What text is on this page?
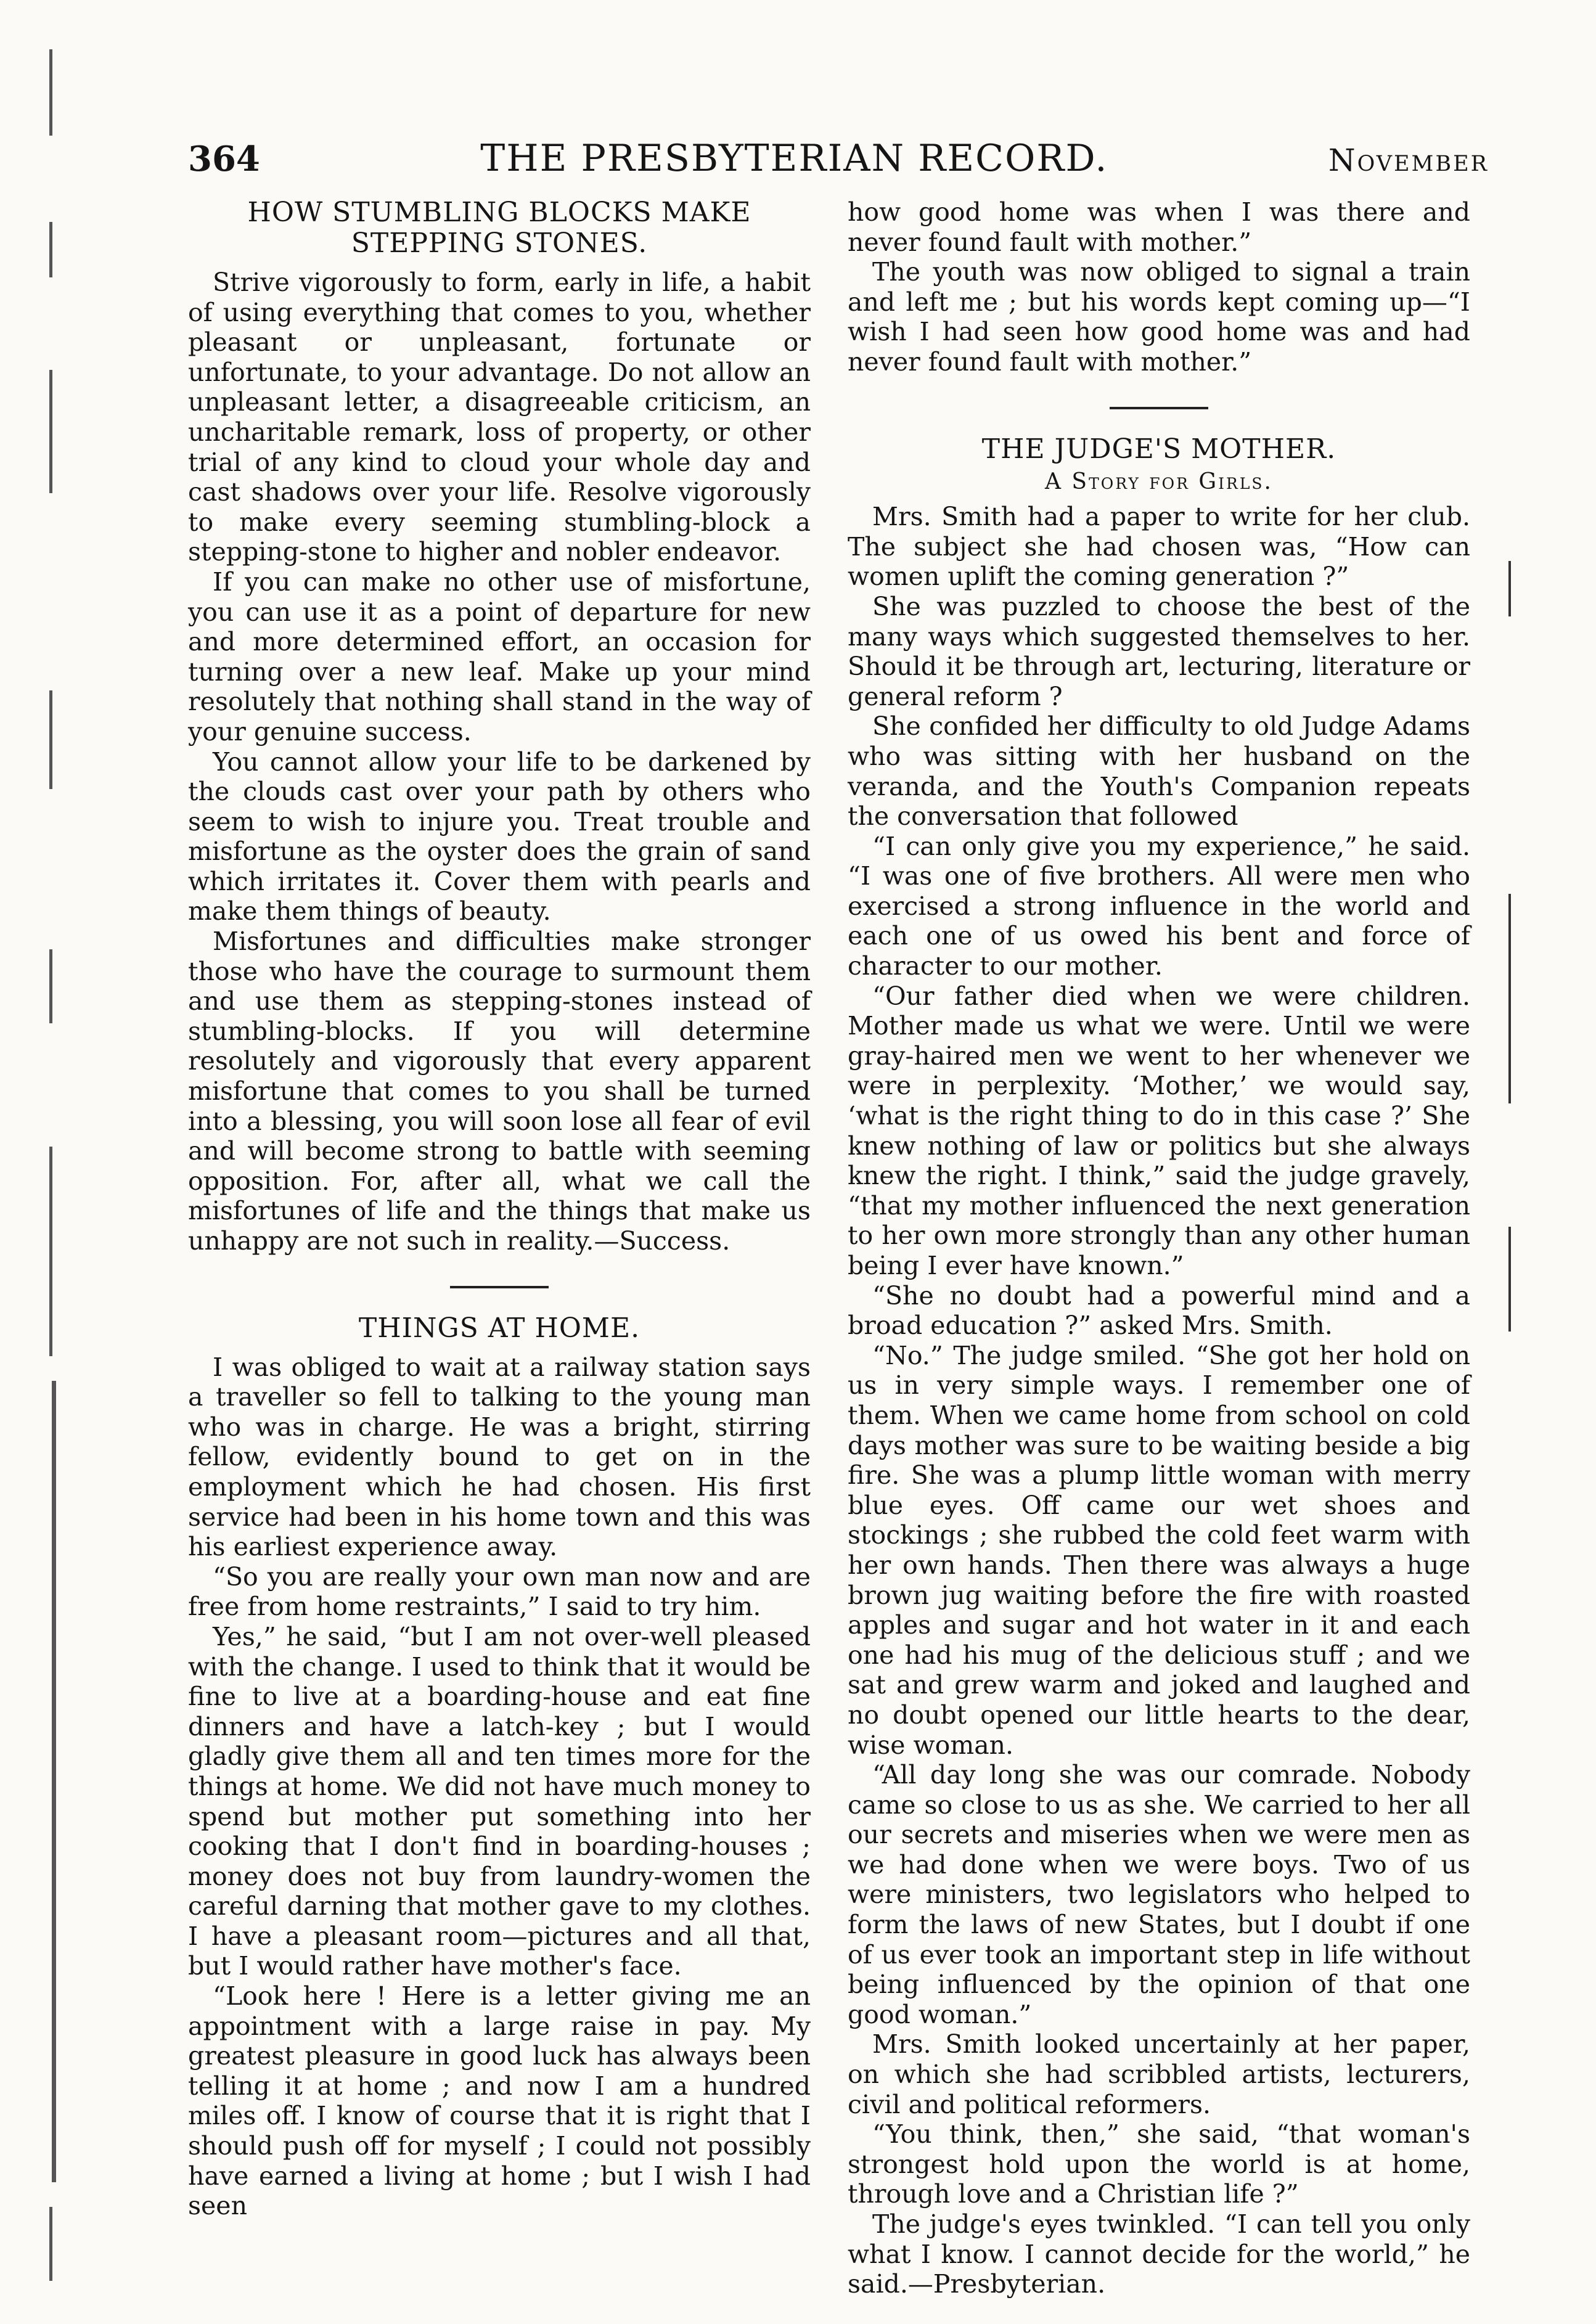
364	THE PRESBYTERIAN RECORD.	November
HOW STUMBLING BLOCKS MAKE STEPPING STONES.

Strive vigorously to form, early in life, a habit of using everything that comes to you, whether pleasant or unpleasant, fortunate or unfortunate, to your advantage. Do not allow an unpleasant letter, a disagreeable criticism, an uncharitable remark, loss of property, or other trial of any kind to cloud your whole day and cast shadows over your life. Resolve vigorously to make every seeming stumbling-block a stepping-stone to higher and nobler endeavor.

If you can make no other use of misfortune, you can use it as a point of departure for new and more determined effort, an occasion for turning over a new leaf. Make up your mind resolutely that nothing shall stand in the way of your genuine success.

You cannot allow your life to be darkened by the clouds cast over your path by others who seem to wish to injure you. Treat trouble and misfortune as the oyster does the grain of sand which irritates it. Cover them with pearls and make them things of beauty.

Misfortunes and difficulties make stronger those who have the courage to surmount them and use them as stepping-stones instead of stumbling-blocks. If you will determine resolutely and vigorously that every apparent misfortune that comes to you shall be turned into a blessing, you will soon lose all fear of evil and will become strong to battle with seeming opposition. For, after all, what we call the misfortunes of life and the things that make us unhappy are not such in reality.—Success.

THINGS AT HOME.

I was obliged to wait at a railway station says a traveller so fell to talking to the young man who was in charge. He was a bright, stirring fellow, evidently bound to get on in the employment which he had chosen. His first service had been in his home town and this was his earliest experience away.

“So you are really your own man now and are free from home restraints,” I said to try him.

Yes,” he said, “but I am not over-well pleased with the change. I used to think that it would be fine to live at a boarding-house and eat fine dinners and have a latch-key ; but I would gladly give them all and ten times more for the things at home. We did not have much money to spend but mother put something into her cooking that I don't find in boarding-houses ; money does not buy from laundry-women the careful darning that mother gave to my clothes. I have a pleasant room—pictures and all that, but I would rather have mother's face.

“Look here ! Here is a letter giving me an appointment with a large raise in pay. My greatest pleasure in good luck has always been telling it at home ; and now I am a hundred miles off. I know of course that it is right that I should push off for myself ; I could not possibly have earned a living at home ; but I wish I had seen

how good home was when I was there and never found fault with mother.”

The youth was now obliged to signal a train and left me ; but his words kept coming up—“I wish I had seen how good home was and had never found fault with mother.”

THE JUDGE'S MOTHER.
A Story for Girls.

Mrs. Smith had a paper to write for her club. The subject she had chosen was, “How can women uplift the coming generation ?”

She was puzzled to choose the best of the many ways which suggested themselves to her. Should it be through art, lecturing, literature or general reform ?

She confided her difficulty to old Judge Adams who was sitting with her husband on the veranda, and the Youth's Companion repeats the conversation that followed

“I can only give you my experience,” he said. “I was one of five brothers. All were men who exercised a strong influence in the world and each one of us owed his bent and force of character to our mother.

“Our father died when we were children. Mother made us what we were. Until we were gray-haired men we went to her whenever we were in perplexity. ‘Mother,’ we would say, ‘what is the right thing to do in this case ?’ She knew nothing of law or politics but she always knew the right. I think,” said the judge gravely, “that my mother influenced the next generation to her own more strongly than any other human being I ever have known.”

“She no doubt had a powerful mind and a broad education ?” asked Mrs. Smith.

“No.” The judge smiled. “She got her hold on us in very simple ways. I remember one of them. When we came home from school on cold days mother was sure to be waiting beside a big fire. She was a plump little woman with merry blue eyes. Off came our wet shoes and stockings ; she rubbed the cold feet warm with her own hands. Then there was always a huge brown jug waiting before the fire with roasted apples and sugar and hot water in it and each one had his mug of the delicious stuff ; and we sat and grew warm and joked and laughed and no doubt opened our little hearts to the dear, wise woman.

“All day long she was our comrade. Nobody came so close to us as she. We carried to her all our secrets and miseries when we were men as we had done when we were boys. Two of us were ministers, two legislators who helped to form the laws of new States, but I doubt if one of us ever took an important step in life without being influenced by the opinion of that one good woman.”

Mrs. Smith looked uncertainly at her paper, on which she had scribbled artists, lecturers, civil and political reformers.

“You think, then,” she said, “that woman's strongest hold upon the world is at home, through love and a Christian life ?”

The judge's eyes twinkled. “I can tell you only what I know. I cannot decide for the world,” he said.—Presbyterian.
